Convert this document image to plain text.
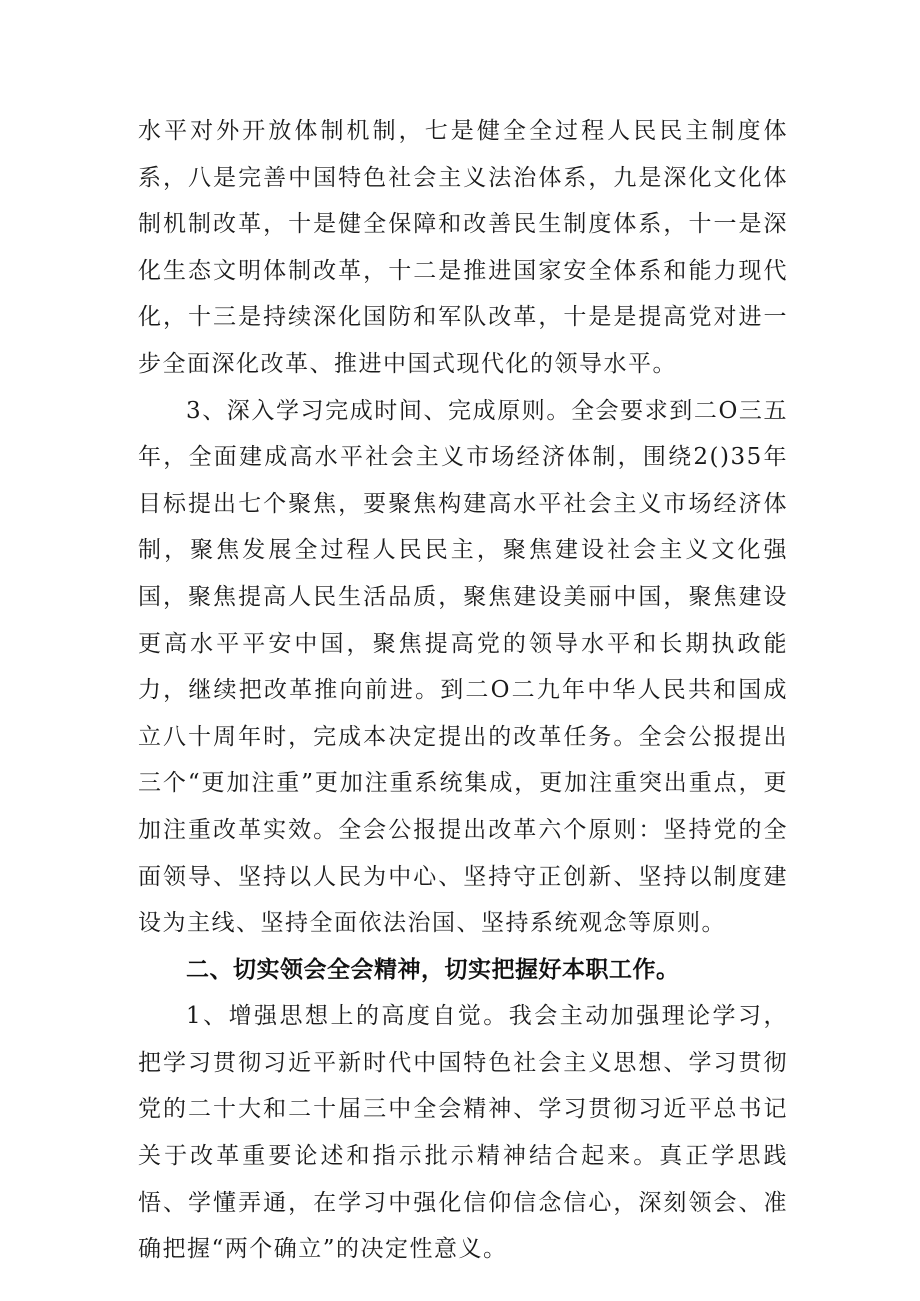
水平对外开放体制机制，七是健全全过程人民民主制度体系，八是完善中国特色社会主义法治体系，九是深化文化体制机制改革，十是健全保障和改善民生制度体系，十一是深化生态文明体制改革，十二是推进国家安全体系和能力现代化，十三是持续深化国防和军队改革，十是是提高党对进一步全面深化改革、推进中国式现代化的领导水平。

3、深入学习完成时间、完成原则。全会要求到二O三五年，全面建成高水平社会主义市场经济体制，围绕2()35年目标提出七个聚焦，要聚焦构建高水平社会主义市场经济体制，聚焦发展全过程人民民主，聚焦建设社会主义文化强国，聚焦提高人民生活品质，聚焦建设美丽中国，聚焦建设更高水平平安中国，聚焦提高党的领导水平和长期执政能力，继续把改革推向前进。到二O二九年中华人民共和国成立八十周年时，完成本决定提出的改革任务。全会公报提出三个“更加注重”更加注重系统集成，更加注重突出重点，更加注重改革实效。全会公报提出改革六个原则：坚持党的全面领导、坚持以人民为中心、坚持守正创新、坚持以制度建设为主线、坚持全面依法治国、坚持系统观念等原则。

二、切实领会全会精神，切实把握好本职工作。

1、增强思想上的高度自觉。我会主动加强理论学习，把学习贯彻习近平新时代中国特色社会主义思想、学习贯彻党的二十大和二十届三中全会精神、学习贯彻习近平总书记关于改革重要论述和指示批示精神结合起来。真正学思践悟、学懂弄通，在学习中强化信仰信念信心，深刻领会、准确把握“两个确立”的决定性意义。
